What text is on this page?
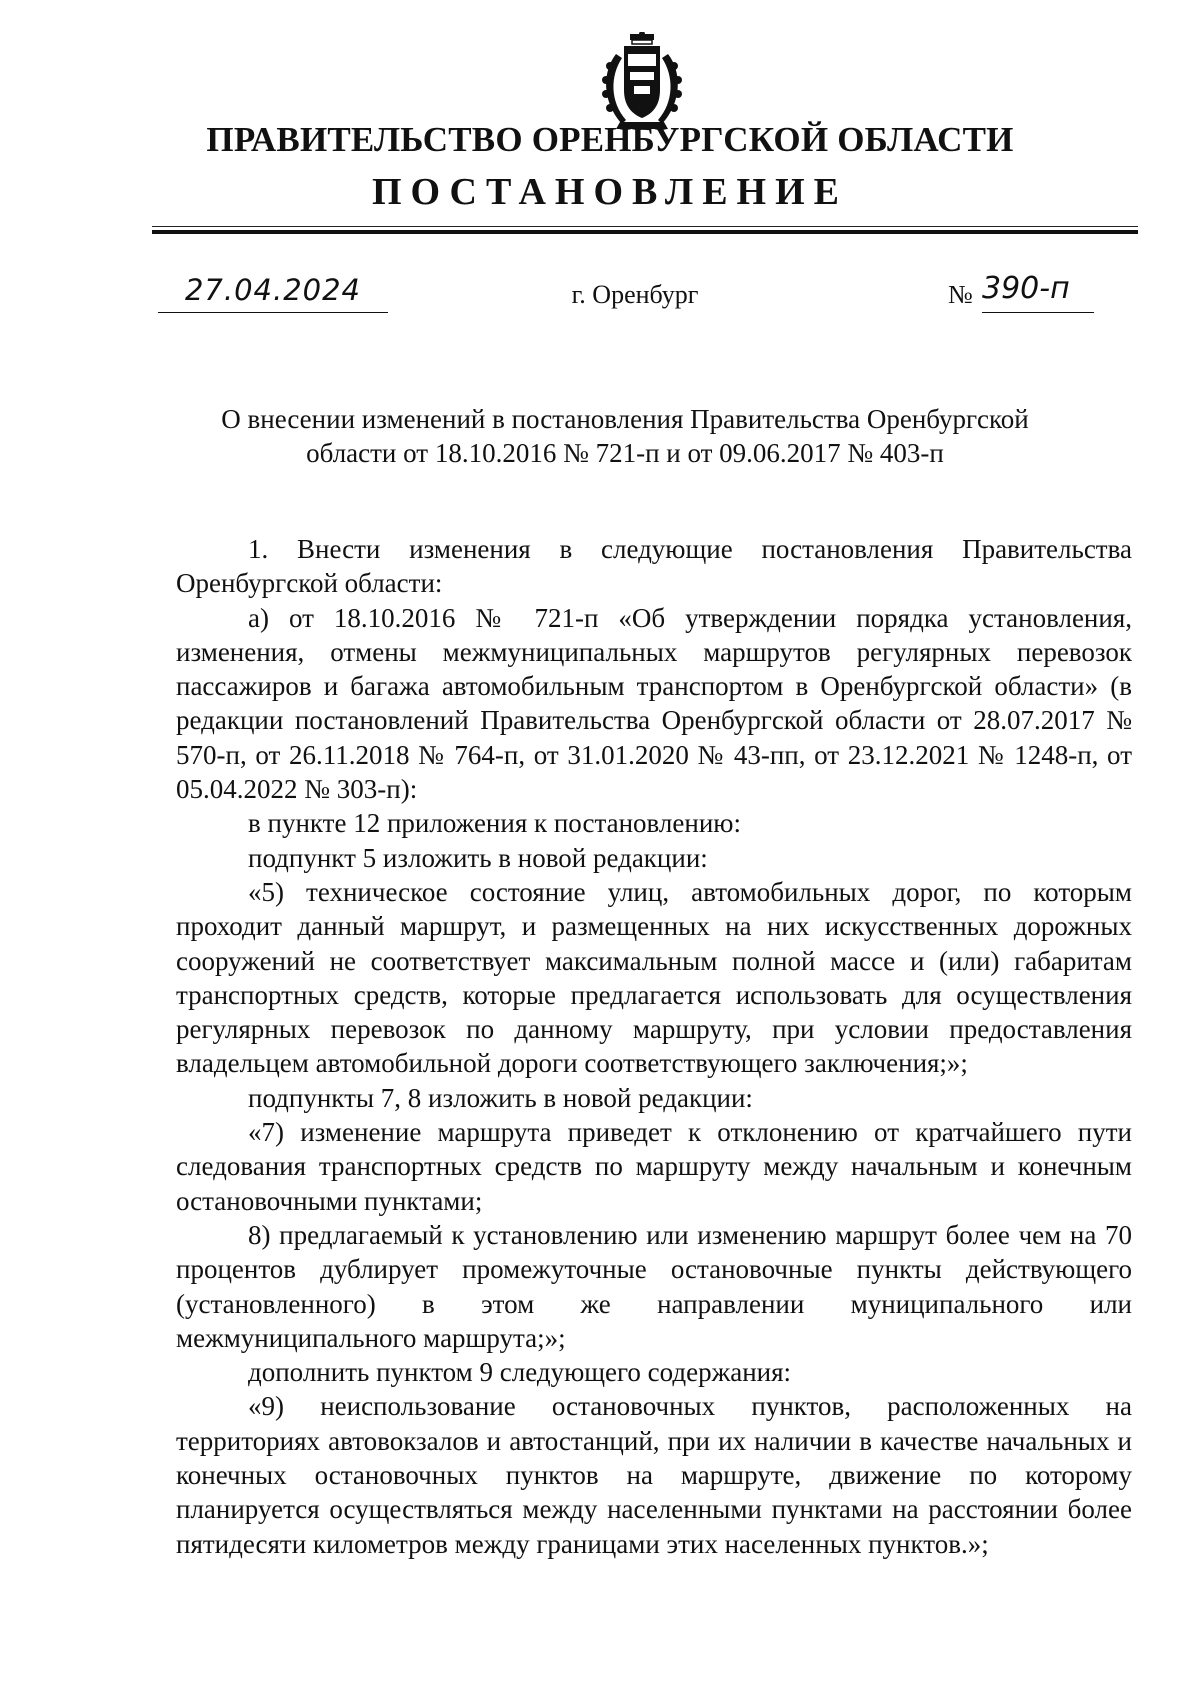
ПРАВИТЕЛЬСТВО ОРЕНБУРГСКОЙ ОБЛАСТИ
ПОСТАНОВЛЕНИЕ
27.04.2024	г. Оренбург	№ 390-п
О внесении изменений в постановления Правительства Оренбургской
области от 18.10.2016 № 721-п и от 09.06.2017 № 403-п

1. Внести изменения в следующие постановления Правительства Оренбургской области:

а) от 18.10.2016 № 721-п «Об утверждении порядка установления, изменения, отмены межмуниципальных маршрутов регулярных перевозок пассажиров и багажа автомобильным транспортом в Оренбургской области» (в редакции постановлений Правительства Оренбургской области от 28.07.2017 № 570-п, от 26.11.2018 № 764-п, от 31.01.2020 № 43-пп, от 23.12.2021 № 1248-п, от 05.04.2022 № 303-п):

в пункте 12 приложения к постановлению:

подпункт 5 изложить в новой редакции:

«5) техническое состояние улиц, автомобильных дорог, по которым проходит данный маршрут, и размещенных на них искусственных дорожных сооружений не соответствует максимальным полной массе и (или) габаритам транспортных средств, которые предлагается использовать для осуществления регулярных перевозок по данному маршруту, при условии предоставления владельцем автомобильной дороги соответствующего заключения;»;

подпункты 7, 8 изложить в новой редакции:

«7) изменение маршрута приведет к отклонению от кратчайшего пути следования транспортных средств по маршруту между начальным и конечным остановочными пунктами;

8) предлагаемый к установлению или изменению маршрут более чем на 70 процентов дублирует промежуточные остановочные пункты действующего (установленного) в этом же направлении муниципального или межмуниципального маршрута;»;

дополнить пунктом 9 следующего содержания:

«9) неиспользование остановочных пунктов, расположенных на территориях автовокзалов и автостанций, при их наличии в качестве начальных и конечных остановочных пунктов на маршруте, движение по которому планируется осуществляться между населенными пунктами на расстоянии более пятидесяти километров между границами этих населенных пунктов.»;
